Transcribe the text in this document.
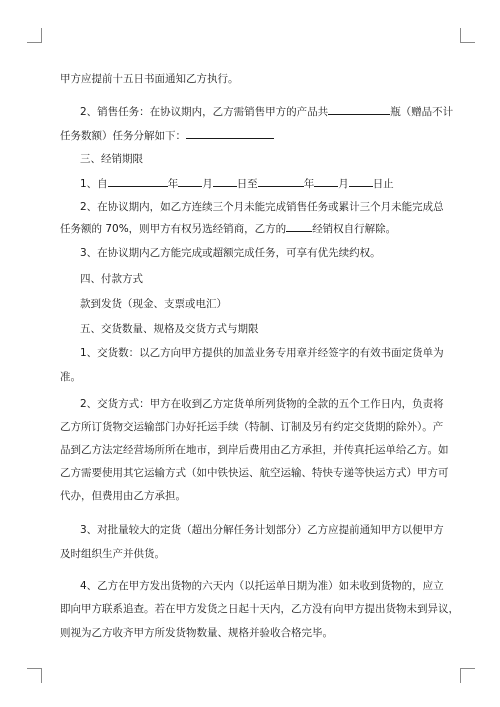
甲方应提前十五日书面通知乙方执行。
2、销售任务：在协议期内，乙方需销售甲方的产品共	瓶（赠品不计
任务数额）任务分解如下：
三、经销期限
1、自	年 月 日至	年 月 日止
2、在协议期内，如乙方连续三个月未能完成销售任务或累计三个月未能完成总
任务额的 70%，则甲方有权另选经销商，乙方的 经销权自行解除。
3、在协议期内乙方能完成或超额完成任务，可享有优先续约权。
四、付款方式
款到发货（现金、支票或电汇）
五、交货数量、规格及交货方式与期限
1、交货数：以乙方向甲方提供的加盖业务专用章并经签字的有效书面定货单为
准。
2、交货方式：甲方在收到乙方定货单所列货物的全款的五个工作日内，负责将
乙方所订货物交运输部门办好托运手续（特制、订制及另有约定交货期的除外）。产
品到乙方法定经营场所所在地市，到岸后费用由乙方承担，并传真托运单给乙方。如
乙方需要使用其它运输方式（如中铁快运、航空运输、特快专递等快运方式）甲方可
代办，但费用由乙方承担。
3、对批量较大的定货（超出分解任务计划部分）乙方应提前通知甲方以便甲方
及时组织生产并供货。
4、乙方在甲方发出货物的六天内（以托运单日期为准）如未收到货物的，应立
即向甲方联系追查。若在甲方发货之日起十天内，乙方没有向甲方提出货物未到异议，
则视为乙方收齐甲方所发货物数量、规格并验收合格完毕。
